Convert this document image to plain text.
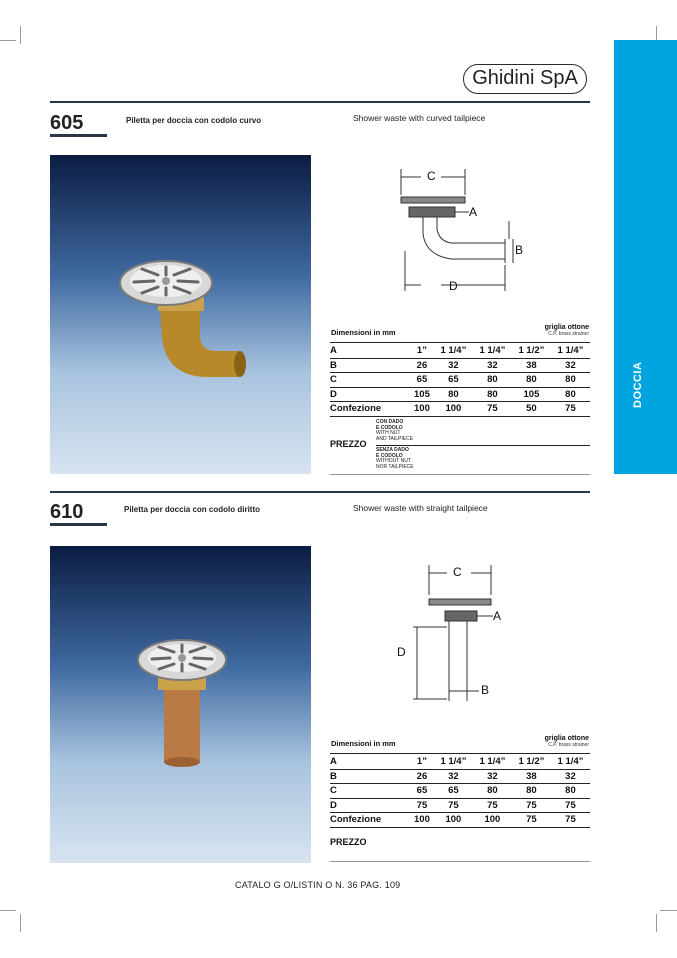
DOCCIA
Ghidini SpA
605	Piletta per doccia con codolo curvo	Shower waste with curved tailpiece
C
A
B
D
Dimensioni in mm
griglia ottone
C.P. brass strainer
A	1”	1 1/4”	1 1/4”	1 1/2”	1 1/4”
B	26	32	32	38	32
C	65	65	80	80	80
D	105	80	80	105	80
Confezione	100	100	75	50	75
PREZZO
CON DADO
E CODOLO
WITH NUT
AND TAILPIECE
SENZA DADO
E CODOLO
WITHOUT NUT
NOR TAILPIECE
610	Piletta per doccia con codolo diritto	Shower waste with straight tailpiece
C
A
D
B
Dimensioni in mm
griglia ottone
C.P. brass strainer
A	1”	1 1/4”	1 1/4”	1 1/2”	1 1/4”
B	26	32	32	38	32
C	65	65	80	80	80
D	75	75	75	75	75
Confezione	100	100	100	75	75
PREZZO
CATALO G O/LISTIN O N. 36 PAG. 109
